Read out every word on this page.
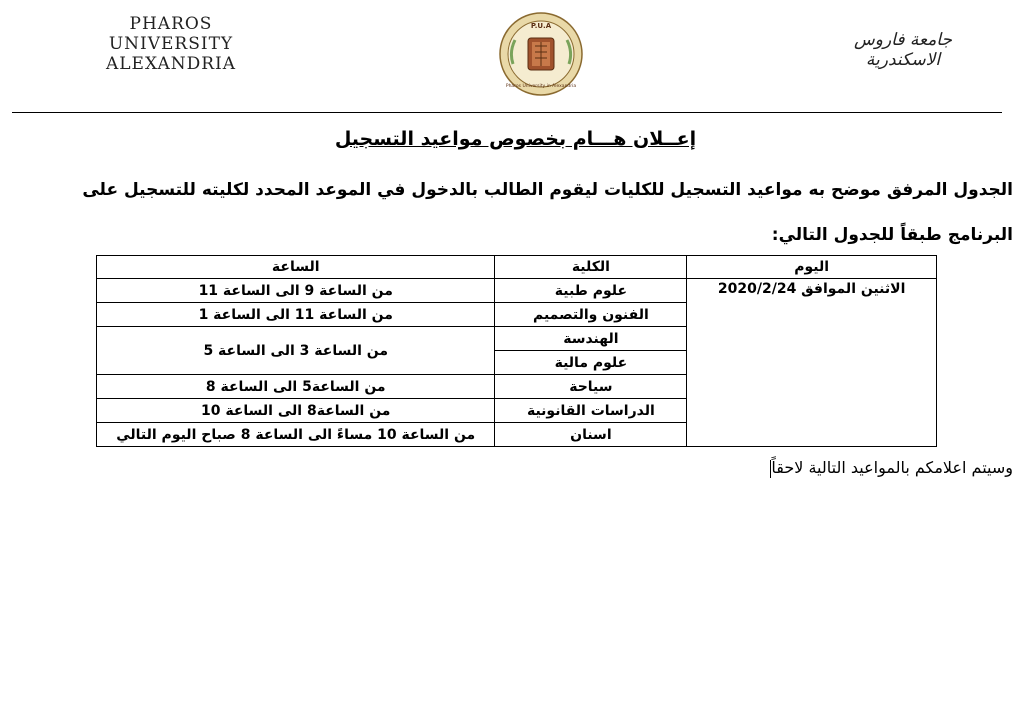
PHAROS
UNIVERSITY
ALEXANDRIA
P.U.A
Pharos University in Alexandria
جامعة فاروس
الاسكندرية
إعــلان هـــام بخصوص مواعيد التسجيل
الجدول المرفق موضح به مواعيد التسجيل للكليات ليقوم الطالب بالدخول في الموعد المحدد لكليته للتسجيل على البرنامج طبقاً للجدول التالي:
اليوم	الكلية	الساعة
الاثنين الموافق 2020/2/24	علوم طبية	من الساعة 9 الى الساعة 11
	الفنون والتصميم	من الساعة 11 الى الساعة 1
	الهندسة	من الساعة 3 الى الساعة 5
	علوم مالية	
	سياحة	من الساعة5 الى الساعة 8
	الدراسات القانونية	من الساعة8 الى الساعة 10
	اسنان	من الساعة 10 مساءً الى الساعة 8 صباح اليوم التالي
وسيتم اعلامكم بالمواعيد التالية لاحقاً
